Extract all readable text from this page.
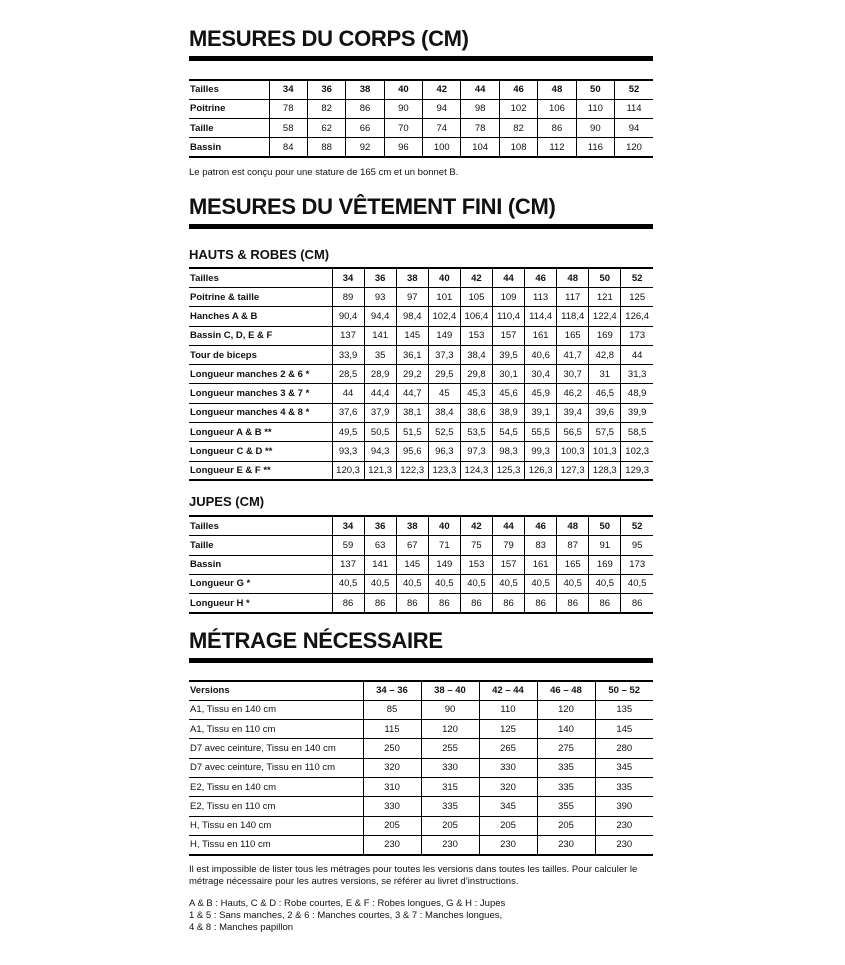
MESURES DU CORPS (CM)
Tailles	34	36	38	40	42	44	46	48	50	52
Poitrine	78	82	86	90	94	98	102	106	110	114
Taille	58	62	66	70	74	78	82	86	90	94
Bassin	84	88	92	96	100	104	108	112	116	120
Le patron est conçu pour une stature de 165 cm et un bonnet B.
MESURES DU VÊTEMENT FINI (CM)
HAUTS & ROBES (CM)
Tailles	34	36	38	40	42	44	46	48	50	52
Poitrine & taille	89	93	97	101	105	109	113	117	121	125
Hanches A & B	90,4	94,4	98,4	102,4	106,4	110,4	114,4	118,4	122,4	126,4
Bassin C, D, E & F	137	141	145	149	153	157	161	165	169	173
Tour de biceps	33,9	35	36,1	37,3	38,4	39,5	40,6	41,7	42,8	44
Longueur manches 2 & 6 *	28,5	28,9	29,2	29,5	29,8	30,1	30,4	30,7	31	31,3
Longueur manches 3 & 7 *	44	44,4	44,7	45	45,3	45,6	45,9	46,2	46,5	48,9
Longueur manches 4 & 8 *	37,6	37,9	38,1	38,4	38,6	38,9	39,1	39,4	39,6	39,9
Longueur A & B **	49,5	50,5	51,5	52,5	53,5	54,5	55,5	56,5	57,5	58,5
Longueur C & D **	93,3	94,3	95,6	96,3	97,3	98,3	99,3	100,3	101,3	102,3
Longueur E & F **	120,3	121,3	122,3	123,3	124,3	125,3	126,3	127,3	128,3	129,3
JUPES (CM)
Tailles	34	36	38	40	42	44	46	48	50	52
Taille	59	63	67	71	75	79	83	87	91	95
Bassin	137	141	145	149	153	157	161	165	169	173
Longueur G *	40,5	40,5	40,5	40,5	40,5	40,5	40,5	40,5	40,5	40,5
Longueur H *	86	86	86	86	86	86	86	86	86	86
MÉTRAGE NÉCESSAIRE
Versions	34 – 36	38 – 40	42 – 44	46 – 48	50 – 52
A1, Tissu en 140 cm	85	90	110	120	135
A1, Tissu en 110 cm	115	120	125	140	145
D7 avec ceinture, Tissu en 140 cm	250	255	265	275	280
D7 avec ceinture, Tissu en 110 cm	320	330	330	335	345
E2, Tissu en 140 cm	310	315	320	335	335
E2, Tissu en 110 cm	330	335	345	355	390
H, Tissu en 140 cm	205	205	205	205	230
H, Tissu en 110 cm	230	230	230	230	230
Il est impossible de lister tous les métrages pour toutes les versions dans toutes les tailles. Pour calculer le métrage nécessaire pour les autres versions, se référer au livret d’instructions.
A & B : Hauts, C & D : Robe courtes, E & F : Robes longues, G & H : Jupes
1 & 5 : Sans manches, 2 & 6 : Manches courtes, 3 & 7 : Manches longues,
4 & 8 : Manches papillon
